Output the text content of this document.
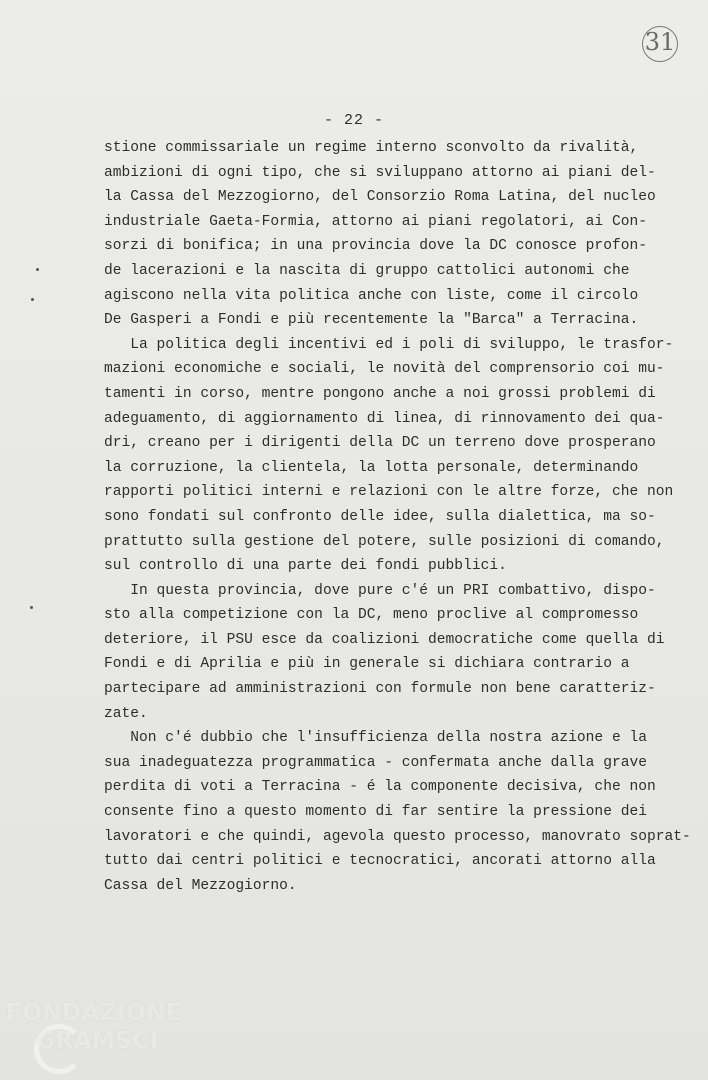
31
- 22 -
stione commissariale un regime interno sconvolto da rivalità,
ambizioni di ogni tipo, che si sviluppano attorno ai piani del-
la Cassa del Mezzogiorno, del Consorzio Roma Latina, del nucleo
industriale Gaeta-Formia, attorno ai piani regolatori, ai Con-
sorzi di bonifica; in una provincia dove la DC conosce profon-
de lacerazioni e la nascita di gruppo cattolici autonomi che
agiscono nella vita politica anche con liste, come il circolo
De Gasperi a Fondi e più recentemente la "Barca" a Terracina.
La politica degli incentivi ed i poli di sviluppo, le trasfor-
mazioni economiche e sociali, le novità del comprensorio coi mu-
tamenti in corso, mentre pongono anche a noi grossi problemi di
adeguamento, di aggiornamento di linea, di rinnovamento dei qua-
dri, creano per i dirigenti della DC un terreno dove prosperano
la corruzione, la clientela, la lotta personale, determinando
rapporti politici interni e relazioni con le altre forze, che non
sono fondati sul confronto delle idee, sulla dialettica, ma so-
prattutto sulla gestione del potere, sulle posizioni di comando,
sul controllo di una parte dei fondi pubblici.
In questa provincia, dove pure c'é un PRI combattivo, dispo-
sto alla competizione con la DC, meno proclive al compromesso
deteriore, il PSU esce da coalizioni democratiche come quella di
Fondi e di Aprilia e più in generale si dichiara contrario a
partecipare ad amministrazioni con formule non bene caratteriz-
zate.
Non c'é dubbio che l'insufficienza della nostra azione e la
sua inadeguatezza programmatica - confermata anche dalla grave
perdita di voti a Terracina - é la componente decisiva, che non
consente fino a questo momento di far sentire la pressione dei
lavoratori e che quindi, agevola questo processo, manovrato soprat-
tutto dai centri politici e tecnocratici, ancorati attorno alla
Cassa del Mezzogiorno.
FONDAZIONE
GRAMSCI
